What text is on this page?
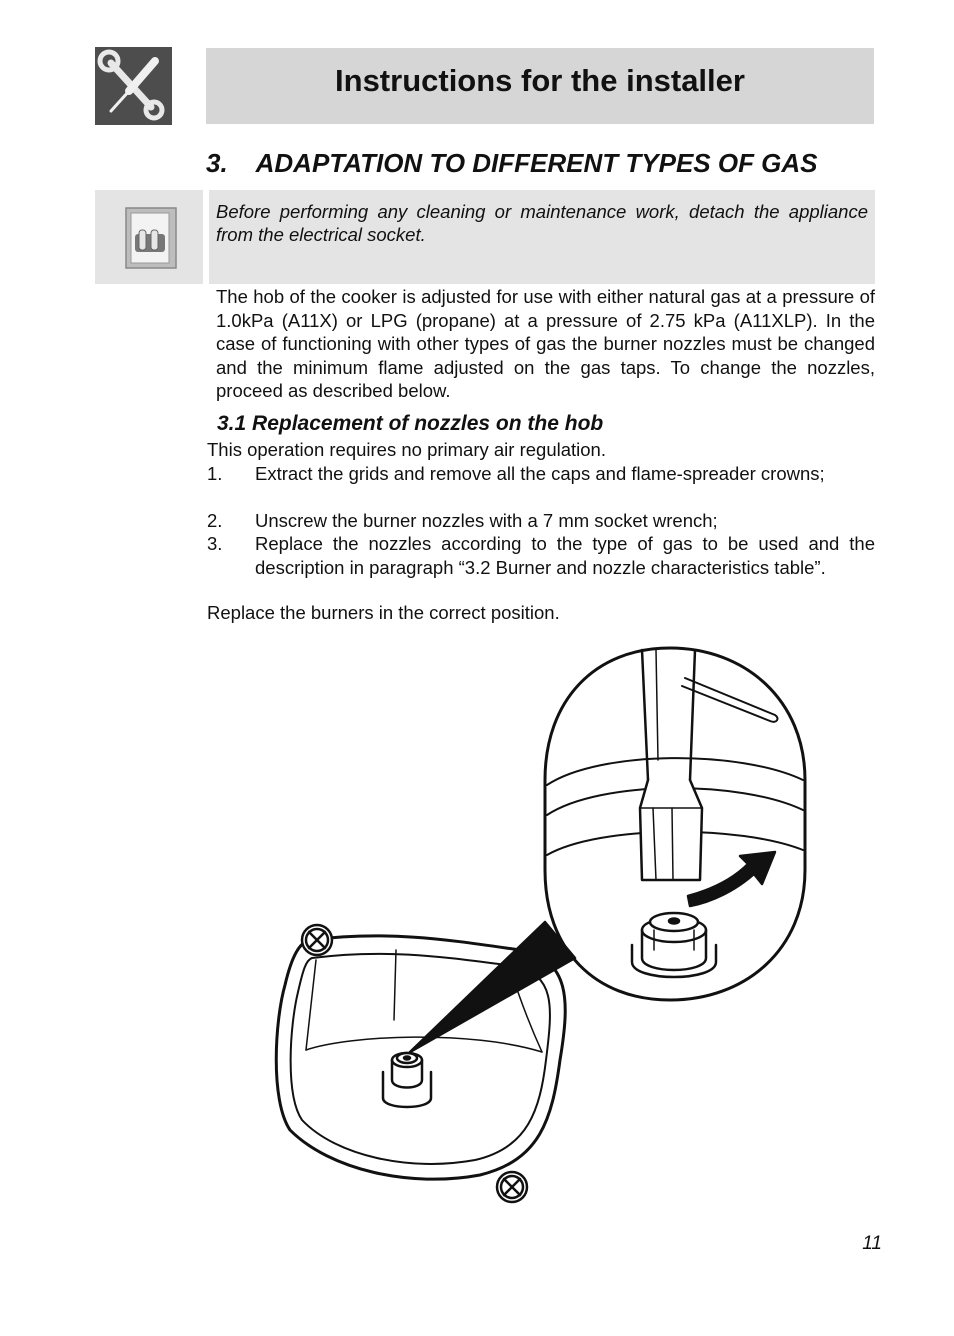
Instructions for the installer
3.    ADAPTATION TO DIFFERENT TYPES OF GAS
Before performing any cleaning or maintenance work, detach the appliance from the electrical socket.
The hob of the cooker is adjusted for use with either natural gas at a pressure of 1.0kPa (A11X) or LPG (propane) at a pressure of 2.75 kPa (A11XLP). In the case of functioning with other types of gas the burner nozzles must be changed and the minimum flame adjusted on the gas taps. To change the nozzles, proceed as described below.
3.1 Replacement of nozzles on the hob
This operation requires no primary air regulation.
1. Extract the grids and remove all the caps and flame-spreader crowns;
2. Unscrew the burner nozzles with a 7 mm socket wrench;
3. Replace the nozzles according to the type of gas to be used and the description in paragraph “3.2 Burner and nozzle characteristics table”.
Replace the burners in the correct position.
11
